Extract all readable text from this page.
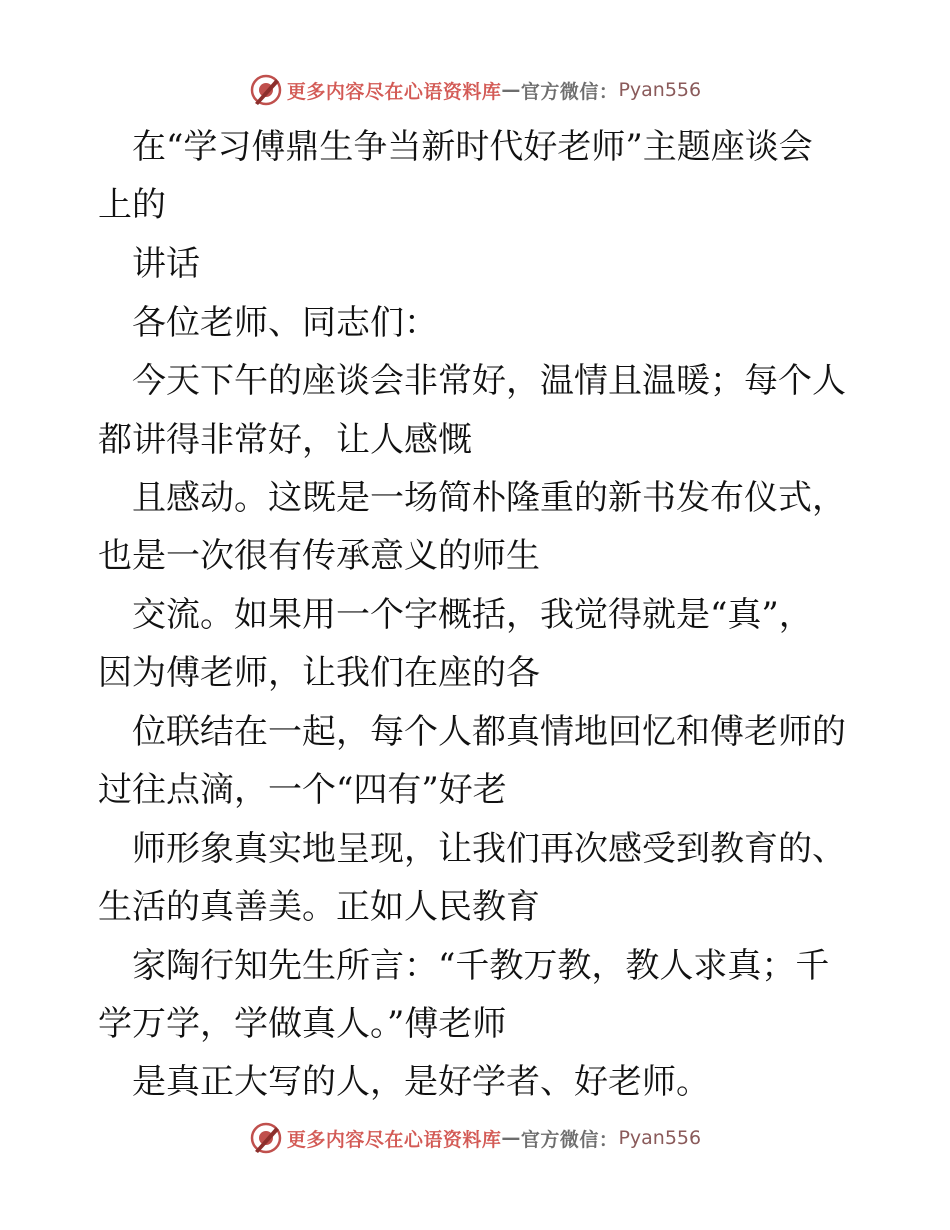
更多内容尽在心语资料库 — 官方微信： Pyan556

　在“学习傅鼎生争当新时代好老师”主题座谈会

上的

　讲话

　各位老师、同志们：

　今天下午的座谈会非常好，温情且温暖；每个人

都讲得非常好，让人感慨

　且感动。这既是一场简朴隆重的新书发布仪式，

也是一次很有传承意义的师生

　交流。如果用一个字概括，我觉得就是“真”，

因为傅老师，让我们在座的各

　位联结在一起，每个人都真情地回忆和傅老师的

过往点滴，一个“四有”好老

　师形象真实地呈现，让我们再次感受到教育的、

生活的真善美。正如人民教育

　家陶行知先生所言：“千教万教，教人求真；千

学万学，学做真人。”傅老师

　是真正大写的人，是好学者、好老师。

更多内容尽在心语资料库 — 官方微信： Pyan556
